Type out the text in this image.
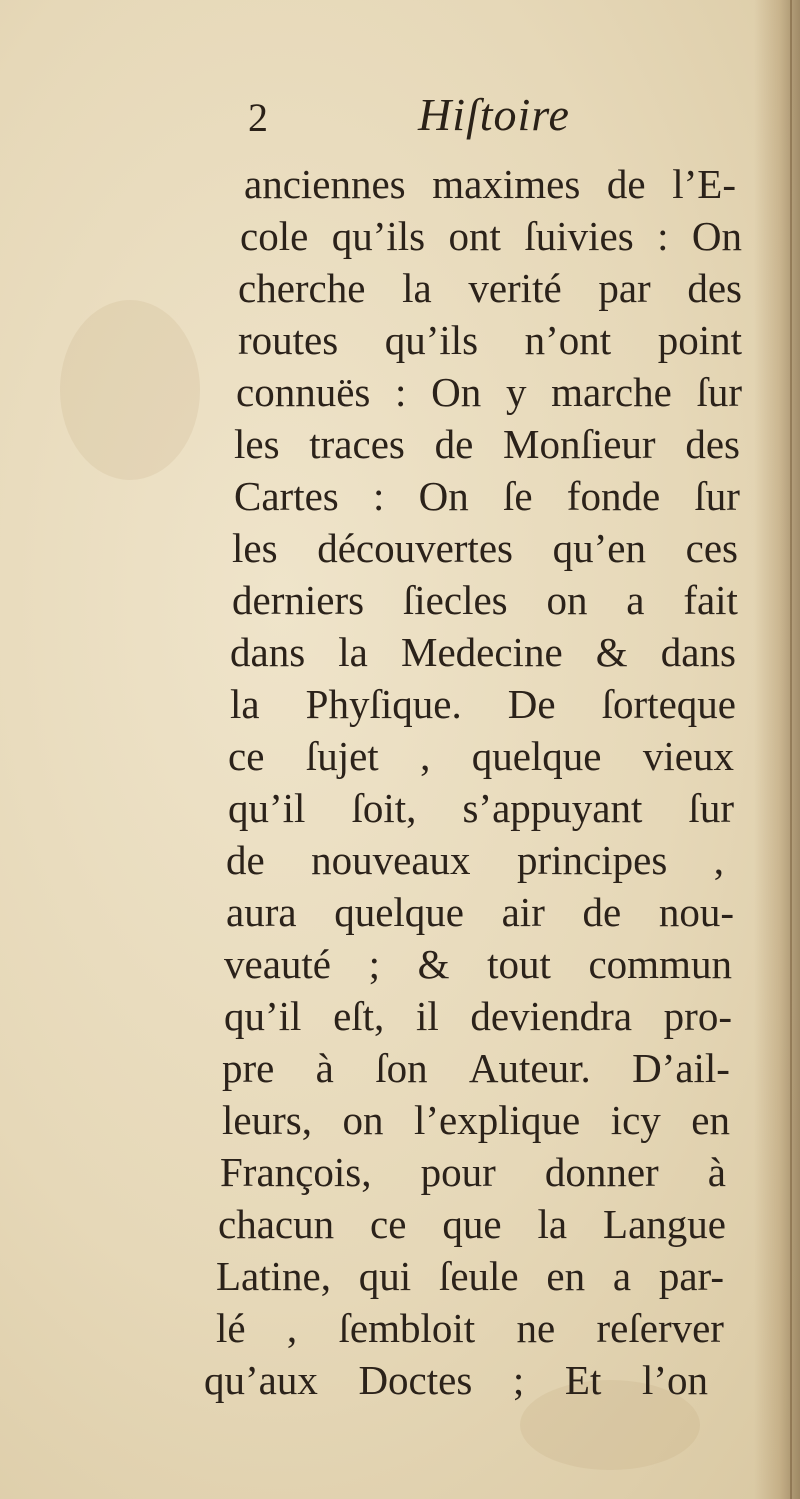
2	Hiſtoire
anciennes maximes de l’E-
cole qu’ils ont ſuivies : On
cherche la verité par des
routes qu’ils n’ont point
connuës : On y marche ſur
les traces de Monſieur des
Cartes : On ſe fonde ſur
les découvertes qu’en ces
derniers ſiecles on a fait
dans la Medecine & dans
la Phyſique. De ſorteque
ce ſujet , quelque vieux
qu’il ſoit, s’appuyant ſur
de nouveaux principes ,
aura quelque air de nou-
veauté ; & tout commun
qu’il eſt, il deviendra pro-
pre à ſon Auteur. D’ail-
leurs, on l’explique icy en
François, pour donner à
chacun ce que la Langue
Latine, qui ſeule en a par-
lé , ſembloit ne reſerver
qu’aux Doctes ; Et l’on
